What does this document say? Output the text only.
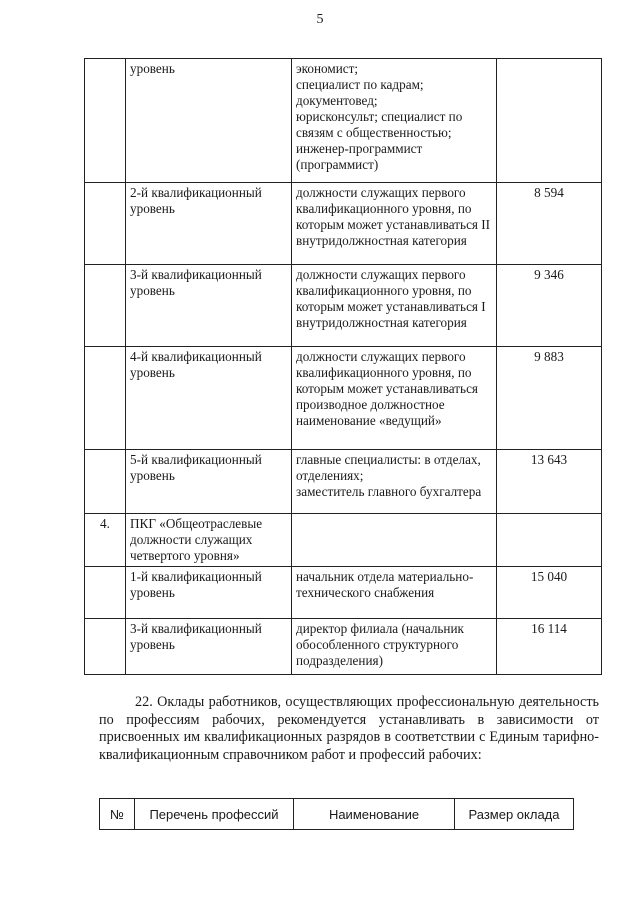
5
	уровень	экономист;
специалист по кадрам;
документовед;
юрисконсульт; специалист по связям с общественностью;
инженер-программист (программист)	
	2-й квалификационный уровень	должности служащих первого квалификационного уровня, по которым может устанавливаться II внутридолжностная категория	8 594
	3-й квалификационный уровень	должности служащих первого квалификационного уровня, по которым может устанавливаться I внутридолжностная категория	9 346
	4-й квалификационный уровень	должности служащих первого квалификационного уровня, по которым может устанавливаться производное должностное наименование «ведущий»	9 883
	5-й квалификационный уровень	главные специалисты: в отделах, отделениях;
заместитель главного бухгалтера	13 643
4.	ПКГ «Общеотраслевые должности служащих четвертого уровня»		
	1-й квалификационный уровень	начальник отдела материально-технического снабжения	15 040
	3-й квалификационный уровень	директор филиала (начальник обособленного структурного подразделения)	16 114
22. Оклады работников, осуществляющих профессиональную деятельность по профессиям рабочих, рекомендуется устанавливать в зависимости от присвоенных им квалификационных разрядов в соответствии с Единым тарифно-квалификационным справочником работ и профессий рабочих:
№	Перечень профессий	Наименование	Размер оклада
